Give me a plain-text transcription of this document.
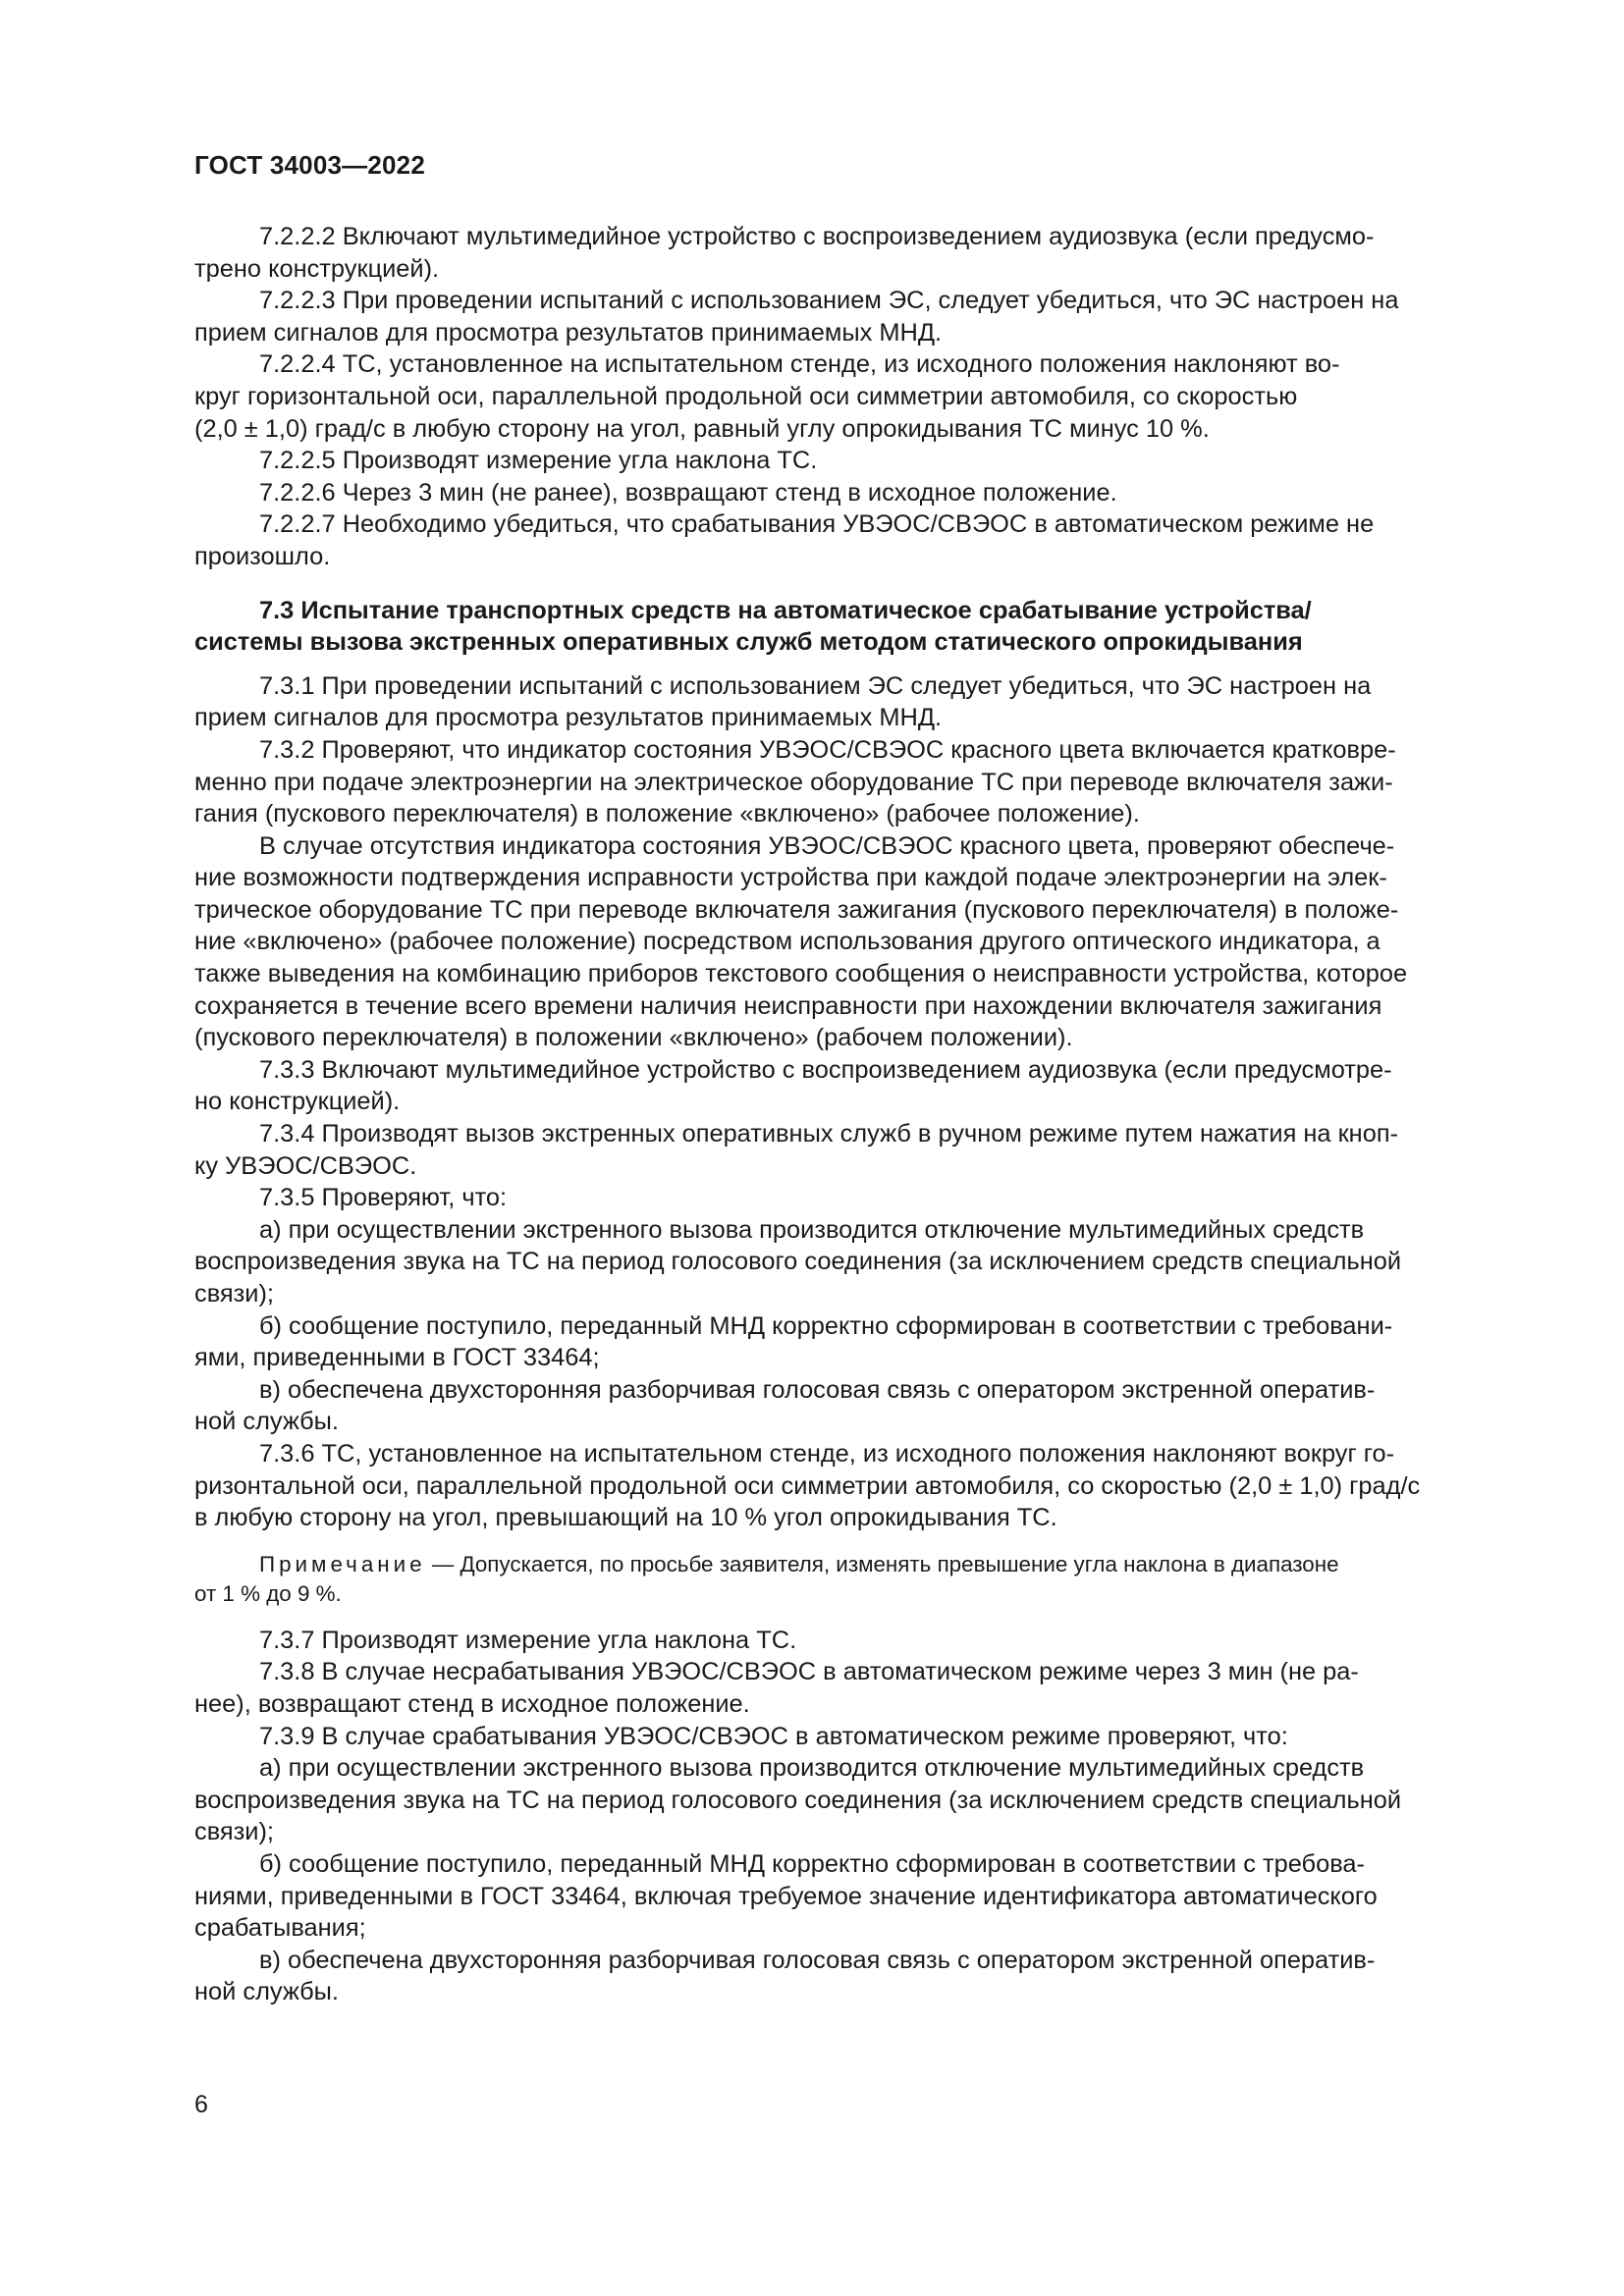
ГОСТ 34003—2022

7.2.2.2 Включают мультимедийное устройство с воспроизведением аудиозвука (если предусмо-
трено конструкцией).

7.2.2.3 При проведении испытаний с использованием ЭС, следует убедиться, что ЭС настроен на
прием сигналов для просмотра результатов принимаемых МНД.

7.2.2.4 ТС, установленное на испытательном стенде, из исходного положения наклоняют во-
круг горизонтальной оси, параллельной продольной оси симметрии автомобиля, со скоростью
(2,0 ± 1,0) град/с в любую сторону на угол, равный углу опрокидывания ТС минус 10 %.

7.2.2.5 Производят измерение угла наклона ТС.

7.2.2.6 Через 3 мин (не ранее), возвращают стенд в исходное положение.

7.2.2.7 Необходимо убедиться, что срабатывания УВЭОС/СВЭОС в автоматическом режиме не
произошло.

7.3 Испытание транспортных средств на автоматическое срабатывание устройства/
системы вызова экстренных оперативных служб методом статического опрокидывания

7.3.1 При проведении испытаний с использованием ЭС следует убедиться, что ЭС настроен на
прием сигналов для просмотра результатов принимаемых МНД.

7.3.2 Проверяют, что индикатор состояния УВЭОС/СВЭОС красного цвета включается кратковре-
менно при подаче электроэнергии на электрическое оборудование ТС при переводе включателя зажи-
гания (пускового переключателя) в положение «включено» (рабочее положение).

В случае отсутствия индикатора состояния УВЭОС/СВЭОС красного цвета, проверяют обеспече-
ние возможности подтверждения исправности устройства при каждой подаче электроэнергии на элек-
трическое оборудование ТС при переводе включателя зажигания (пускового переключателя) в положе-
ние «включено» (рабочее положение) посредством использования другого оптического индикатора, а
также выведения на комбинацию приборов текстового сообщения о неисправности устройства, которое
сохраняется в течение всего времени наличия неисправности при нахождении включателя зажигания
(пускового переключателя) в положении «включено» (рабочем положении).

7.3.3 Включают мультимедийное устройство с воспроизведением аудиозвука (если предусмотре-
но конструкцией).

7.3.4 Производят вызов экстренных оперативных служб в ручном режиме путем нажатия на кноп-
ку УВЭОС/СВЭОС.

7.3.5 Проверяют, что:

а) при осуществлении экстренного вызова производится отключение мультимедийных средств
воспроизведения звука на ТС на период голосового соединения (за исключением средств специальной
связи);

б) сообщение поступило, переданный МНД корректно сформирован в соответствии с требовани-
ями, приведенными в ГОСТ 33464;

в) обеспечена двухсторонняя разборчивая голосовая связь с оператором экстренной оператив-
ной службы.

7.3.6 ТС, установленное на испытательном стенде, из исходного положения наклоняют вокруг го-
ризонтальной оси, параллельной продольной оси симметрии автомобиля, со скоростью (2,0 ± 1,0) град/с
в любую сторону на угол, превышающий на 10 % угол опрокидывания ТС.

Примечание — Допускается, по просьбе заявителя, изменять превышение угла наклона в диапазоне
от 1 % до 9 %.

7.3.7 Производят измерение угла наклона ТС.

7.3.8 В случае несрабатывания УВЭОС/СВЭОС в автоматическом режиме через 3 мин (не ра-
нее), возвращают стенд в исходное положение.

7.3.9 В случае срабатывания УВЭОС/СВЭОС в автоматическом режиме проверяют, что:

а) при осуществлении экстренного вызова производится отключение мультимедийных средств
воспроизведения звука на ТС на период голосового соединения (за исключением средств специальной
связи);

б) сообщение поступило, переданный МНД корректно сформирован в соответствии с требова-
ниями, приведенными в ГОСТ 33464, включая требуемое значение идентификатора автоматического
срабатывания;

в) обеспечена двухсторонняя разборчивая голосовая связь с оператором экстренной оператив-
ной службы.

6
